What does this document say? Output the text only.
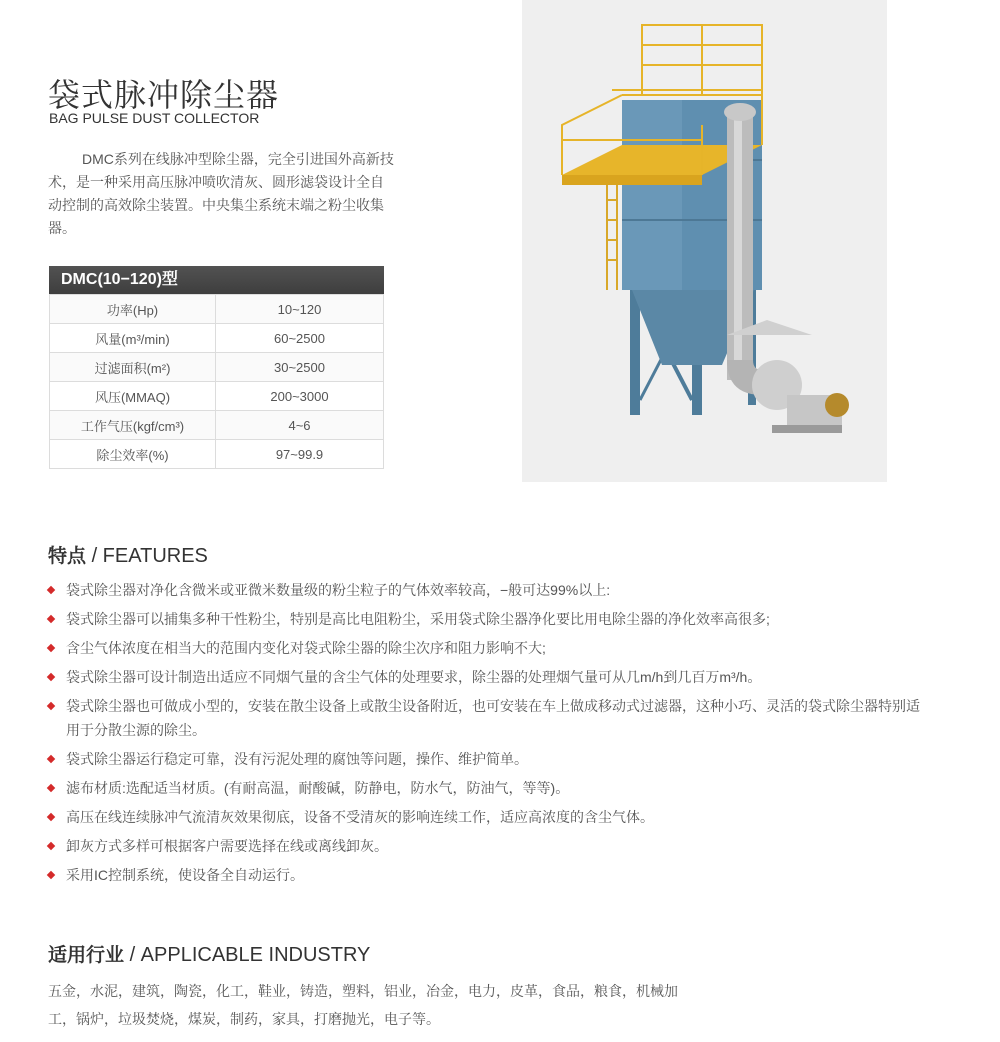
袋式脉冲除尘器
BAG PULSE DUST COLLECTOR
DMC系列在线脉冲型除尘器，完全引进国外高新技术，是一种采用高压脉冲喷吹清灰、圆形滤袋设计全自动控制的高效除尘装置。中央集尘系统末端之粉尘收集器。
DMC(10−120)型
功率(Hp)	10~120
风量(m³/min)	60~2500
过滤面积(m²)	30~2500
风压(MMAQ)	200~3000
工作气压(kgf/cm³)	4~6
除尘效率(%)	97~99.9
特点 / FEATURES
袋式除尘器对净化含微米或亚微米数量级的粉尘粒子的气体效率较高，−般可达99%以上:
袋式除尘器可以捕集多种干性粉尘，特别是高比电阻粉尘，采用袋式除尘器净化要比用电除尘器的净化效率高很多;
含尘气体浓度在相当大的范围内变化对袋式除尘器的除尘次序和阻力影响不大;
袋式除尘器可设计制造出适应不同烟气量的含尘气体的处理要求，除尘器的处理烟气量可从几m/h到几百万m³/h。
袋式除尘器也可做成小型的，安装在散尘设备上或散尘设备附近，也可安装在车上做成移动式过滤器，这种小巧、灵活的袋式除尘器特别适用于分散尘源的除尘。
袋式除尘器运行稳定可靠，没有污泥处理的腐蚀等问题，操作、维护简单。
滤布材质:选配适当材质。(有耐高温，耐酸碱，防静电，防水气，防油气，等等)。
高压在线连续脉冲气流清灰效果彻底，设备不受清灰的影响连续工作，适应高浓度的含尘气体。
卸灰方式多样可根据客户需要选择在线或离线卸灰。
采用IC控制系统，使设备全自动运行。
适用行业 / APPLICABLE INDUSTRY
五金，水泥，建筑，陶瓷，化工，鞋业，铸造，塑料，铝业，冶金，电力，皮革，食品，粮食，机械加工，锅炉，垃圾焚烧，煤炭，制药，家具，打磨抛光，电子等。
